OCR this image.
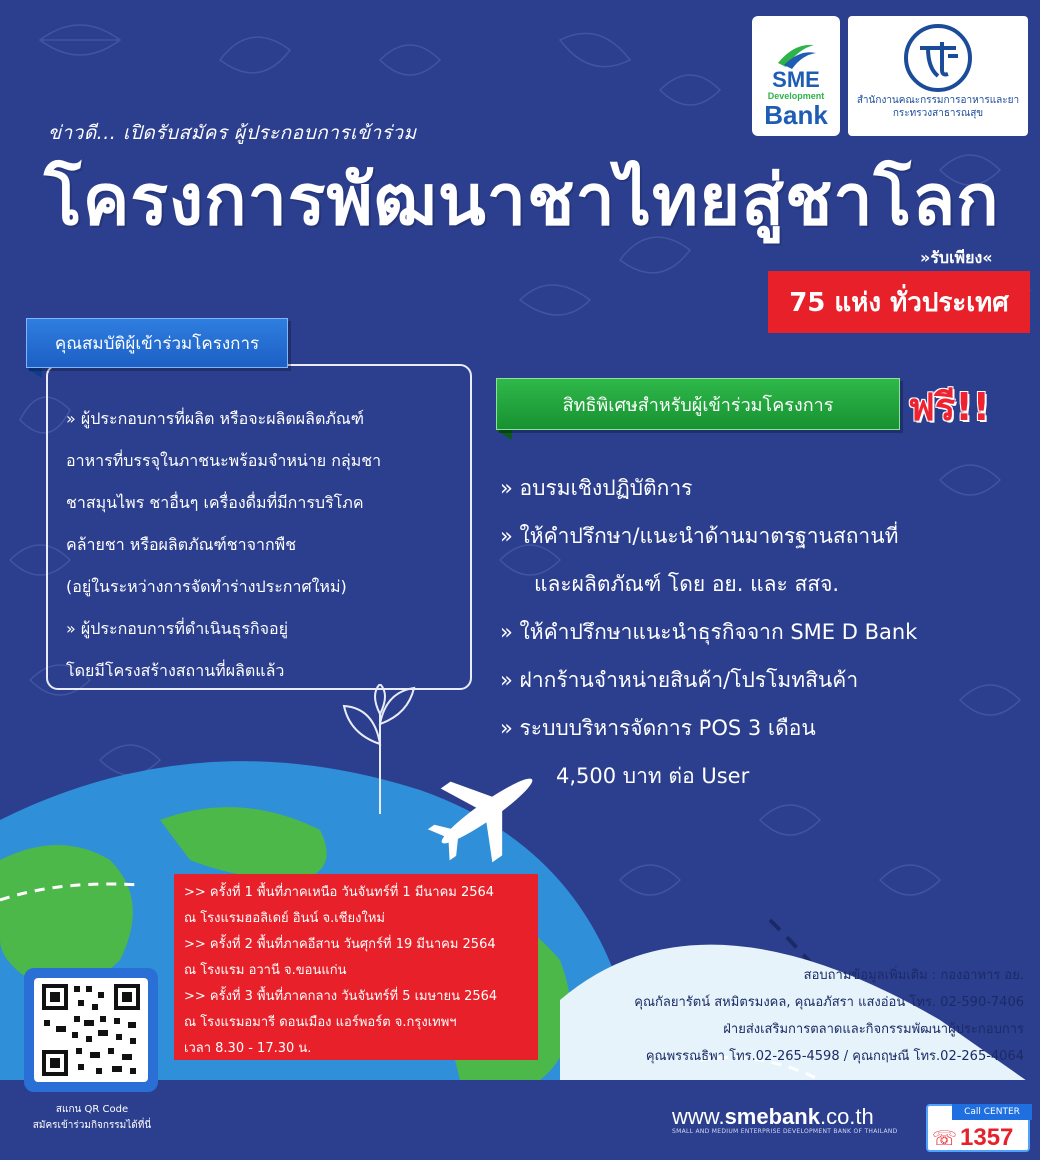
SME
Development
Bank	สำนักงานคณะกรรมการอาหารและยา
กระทรวงสาธารณสุข
ข่าวดี... เปิดรับสมัคร ผู้ประกอบการเข้าร่วม
โครงการพัฒนาชาไทยสู่ชาโลก
»รับเพียง«
75 แห่ง ทั่วประเทศ
» ผู้ประกอบการที่ผลิต หรือจะผลิตผลิตภัณฑ์
อาหารที่บรรจุในภาชนะพร้อมจำหน่าย กลุ่มชา
ชาสมุนไพร ชาอื่นๆ เครื่องดื่มที่มีการบริโภค
คล้ายชา หรือผลิตภัณฑ์ชาจากพืช
(อยู่ในระหว่างการจัดทำร่างประกาศใหม่)
» ผู้ประกอบการที่ดำเนินธุรกิจอยู่
โดยมีโครงสร้างสถานที่ผลิตแล้ว
คุณสมบัติผู้เข้าร่วมโครงการ
สิทธิพิเศษสำหรับผู้เข้าร่วมโครงการ	ฟรี!!
» อบรมเชิงปฏิบัติการ
» ให้คำปรึกษา/แนะนำด้านมาตรฐานสถานที่
และผลิตภัณฑ์ โดย อย. และ สสจ.
» ให้คำปรึกษาแนะนำธุรกิจจาก SME D Bank
» ฝากร้านจำหน่ายสินค้า/โปรโมทสินค้า
» ระบบบริหารจัดการ POS 3 เดือน
4,500 บาท ต่อ User
>> ครั้งที่ 1 พื้นที่ภาคเหนือ วันจันทร์ที่ 1 มีนาคม 2564
ณ โรงแรมฮอลิเดย์ อินน์ จ.เชียงใหม่
>> ครั้งที่ 2 พื้นที่ภาคอีสาน วันศุกร์ที่ 19 มีนาคม 2564
ณ โรงแรม อวานี จ.ขอนแก่น
>> ครั้งที่ 3 พื้นที่ภาคกลาง วันจันทร์ที่ 5 เมษายน 2564
ณ โรงแรมอมารี ดอนเมือง แอร์พอร์ต จ.กรุงเทพฯ
เวลา 8.30 - 17.30 น.
สแกน QR Code
สมัครเข้าร่วมกิจกรรมได้ที่นี่
สอบถามข้อมูลเพิ่มเติม : กองอาหาร อย.
คุณกัลยารัตน์ สหมิตรมงคล, คุณอภัสรา แสงอ่อน โทร. 02-590-7406
ฝ่ายส่งเสริมการตลาดและกิจกรรมพัฒนาผู้ประกอบการ
คุณพรรณธิพา โทร.02-265-4598 / คุณกฤษณี โทร.02-265-4064
www.smebank.co.th
SMALL AND MEDIUM ENTERPRISE DEVELOPMENT BANK OF THAILAND
Call CENTER
☏ 1357
